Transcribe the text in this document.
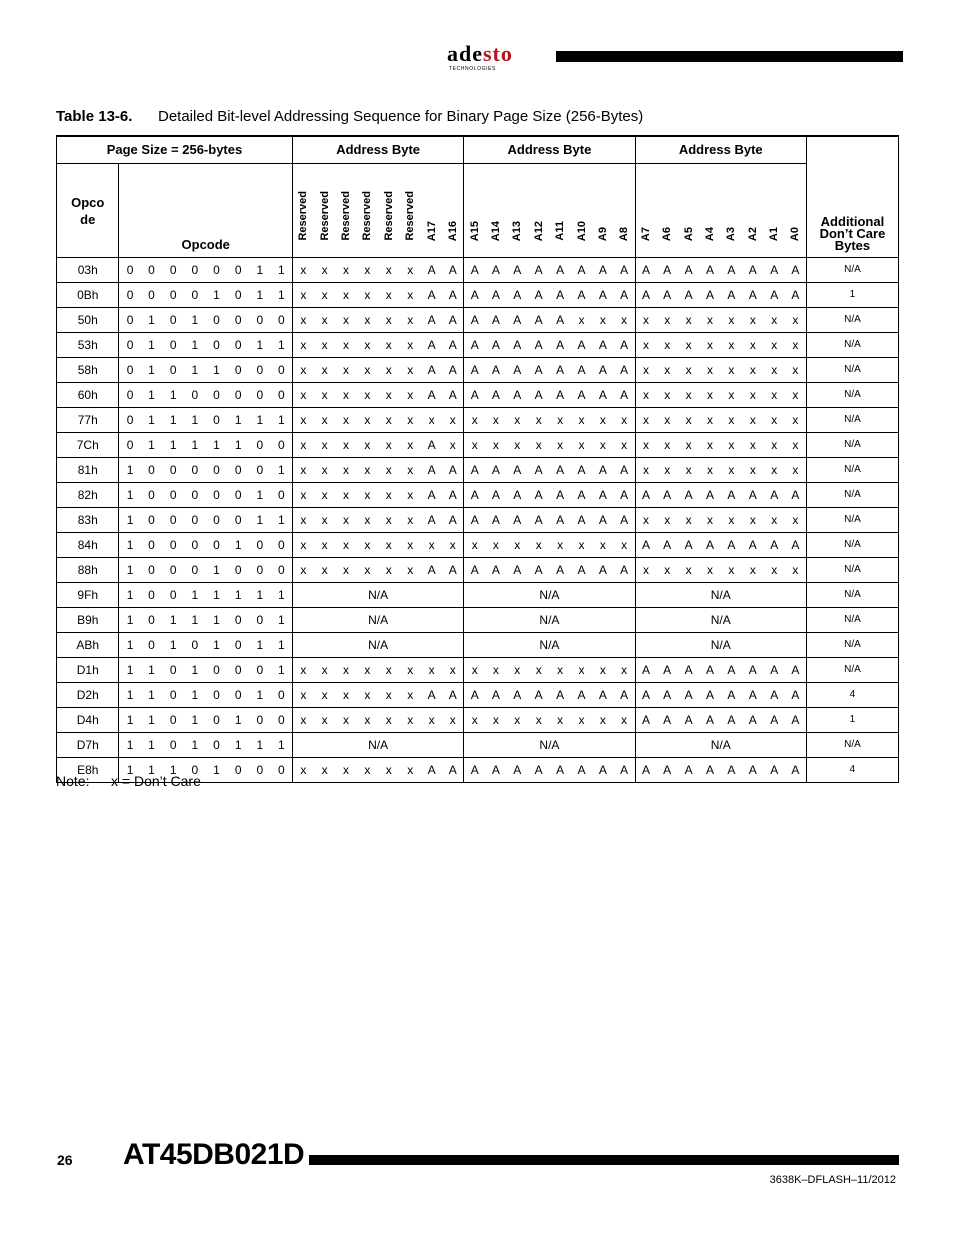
adesto
TECHNOLOGIES
Table 13-6. Detailed Bit-level Addressing Sequence for Binary Page Size (256-Bytes)
Page Size = 256-bytes									Address Byte								Address Byte								Address Byte								Additional
Don’t Care
Bytes

Opco
de	Opcode								Reserved	Reserved	Reserved	Reserved	Reserved	Reserved	A17	A16	A15	A14	A13	A12	A11	A10	A9	A8	A7	A6	A5	A4	A3	A2	A1	A0	
03h	0	0	0	0	0	0	1	1	x	x	x	x	x	x	A	A	A	A	A	A	A	A	A	A	A	A	A	A	A	A	A	A	N/A
0Bh	0	0	0	0	1	0	1	1	x	x	x	x	x	x	A	A	A	A	A	A	A	A	A	A	A	A	A	A	A	A	A	A	1
50h	0	1	0	1	0	0	0	0	x	x	x	x	x	x	A	A	A	A	A	A	A	x	x	x	x	x	x	x	x	x	x	x	N/A
53h	0	1	0	1	0	0	1	1	x	x	x	x	x	x	A	A	A	A	A	A	A	A	A	A	x	x	x	x	x	x	x	x	N/A
58h	0	1	0	1	1	0	0	0	x	x	x	x	x	x	A	A	A	A	A	A	A	A	A	A	x	x	x	x	x	x	x	x	N/A
60h	0	1	1	0	0	0	0	0	x	x	x	x	x	x	A	A	A	A	A	A	A	A	A	A	x	x	x	x	x	x	x	x	N/A
77h	0	1	1	1	0	1	1	1	x	x	x	x	x	x	x	x	x	x	x	x	x	x	x	x	x	x	x	x	x	x	x	x	N/A
7Ch	0	1	1	1	1	1	0	0	x	x	x	x	x	x	A	x	x	x	x	x	x	x	x	x	x	x	x	x	x	x	x	x	N/A
81h	1	0	0	0	0	0	0	1	x	x	x	x	x	x	A	A	A	A	A	A	A	A	A	A	x	x	x	x	x	x	x	x	N/A
82h	1	0	0	0	0	0	1	0	x	x	x	x	x	x	A	A	A	A	A	A	A	A	A	A	A	A	A	A	A	A	A	A	N/A
83h	1	0	0	0	0	0	1	1	x	x	x	x	x	x	A	A	A	A	A	A	A	A	A	A	x	x	x	x	x	x	x	x	N/A
84h	1	0	0	0	0	1	0	0	x	x	x	x	x	x	x	x	x	x	x	x	x	x	x	x	A	A	A	A	A	A	A	A	N/A
88h	1	0	0	0	1	0	0	0	x	x	x	x	x	x	A	A	A	A	A	A	A	A	A	A	x	x	x	x	x	x	x	x	N/A
9Fh	1	0	0	1	1	1	1	1	N/A								N/A								N/A								N/A
B9h	1	0	1	1	1	0	0	1	N/A								N/A								N/A								N/A
ABh	1	0	1	0	1	0	1	1	N/A								N/A								N/A								N/A
D1h	1	1	0	1	0	0	0	1	x	x	x	x	x	x	x	x	x	x	x	x	x	x	x	x	A	A	A	A	A	A	A	A	N/A
D2h	1	1	0	1	0	0	1	0	x	x	x	x	x	x	A	A	A	A	A	A	A	A	A	A	A	A	A	A	A	A	A	A	4
D4h	1	1	0	1	0	1	0	0	x	x	x	x	x	x	x	x	x	x	x	x	x	x	x	x	A	A	A	A	A	A	A	A	1
D7h	1	1	0	1	0	1	1	1	N/A								N/A								N/A								N/A
E8h	1	1	1	0	1	0	0	0	x	x	x	x	x	x	A	A	A	A	A	A	A	A	A	A	A	A	A	A	A	A	A	A	4
Note: x = Don’t Care
26 AT45DB021D
3638K–DFLASH–11/2012
